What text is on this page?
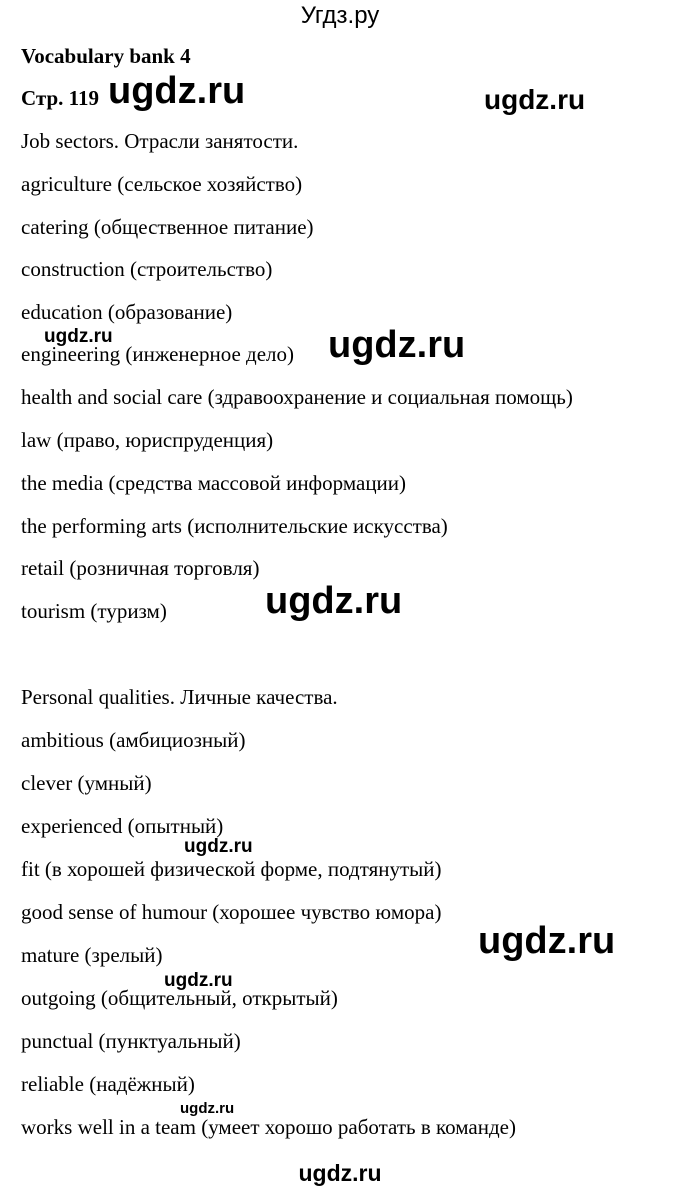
Угдз.ру
Vocabulary bank 4
Стр. 119
Job sectors. Отрасли занятости.
agriculture (сельское хозяйство)
catering (общественное питание)
construction (строительство)
education (образование)
engineering (инженерное дело)
health and social care (здравоохранение и социальная помощь)
law (право, юриспруденция)
the media (средства массовой информации)
the performing arts (исполнительские искусства)
retail (розничная торговля)
tourism (туризм)
Personal qualities. Личные качества.
ambitious (амбициозный)
clever (умный)
experienced (опытный)
fit (в хорошей физической форме, подтянутый)
good sense of humour (хорошее чувство юмора)
mature (зрелый)
outgoing (общительный, открытый)
punctual (пунктуальный)
reliable (надёжный)
works well in a team (умеет хорошо работать в команде)
ugdz.ru	ugdz.ru
ugdz.ru	ugdz.ru
ugdz.ru
ugdz.ru
ugdz.ru
ugdz.ru
ugdz.ru
ugdz.ru
